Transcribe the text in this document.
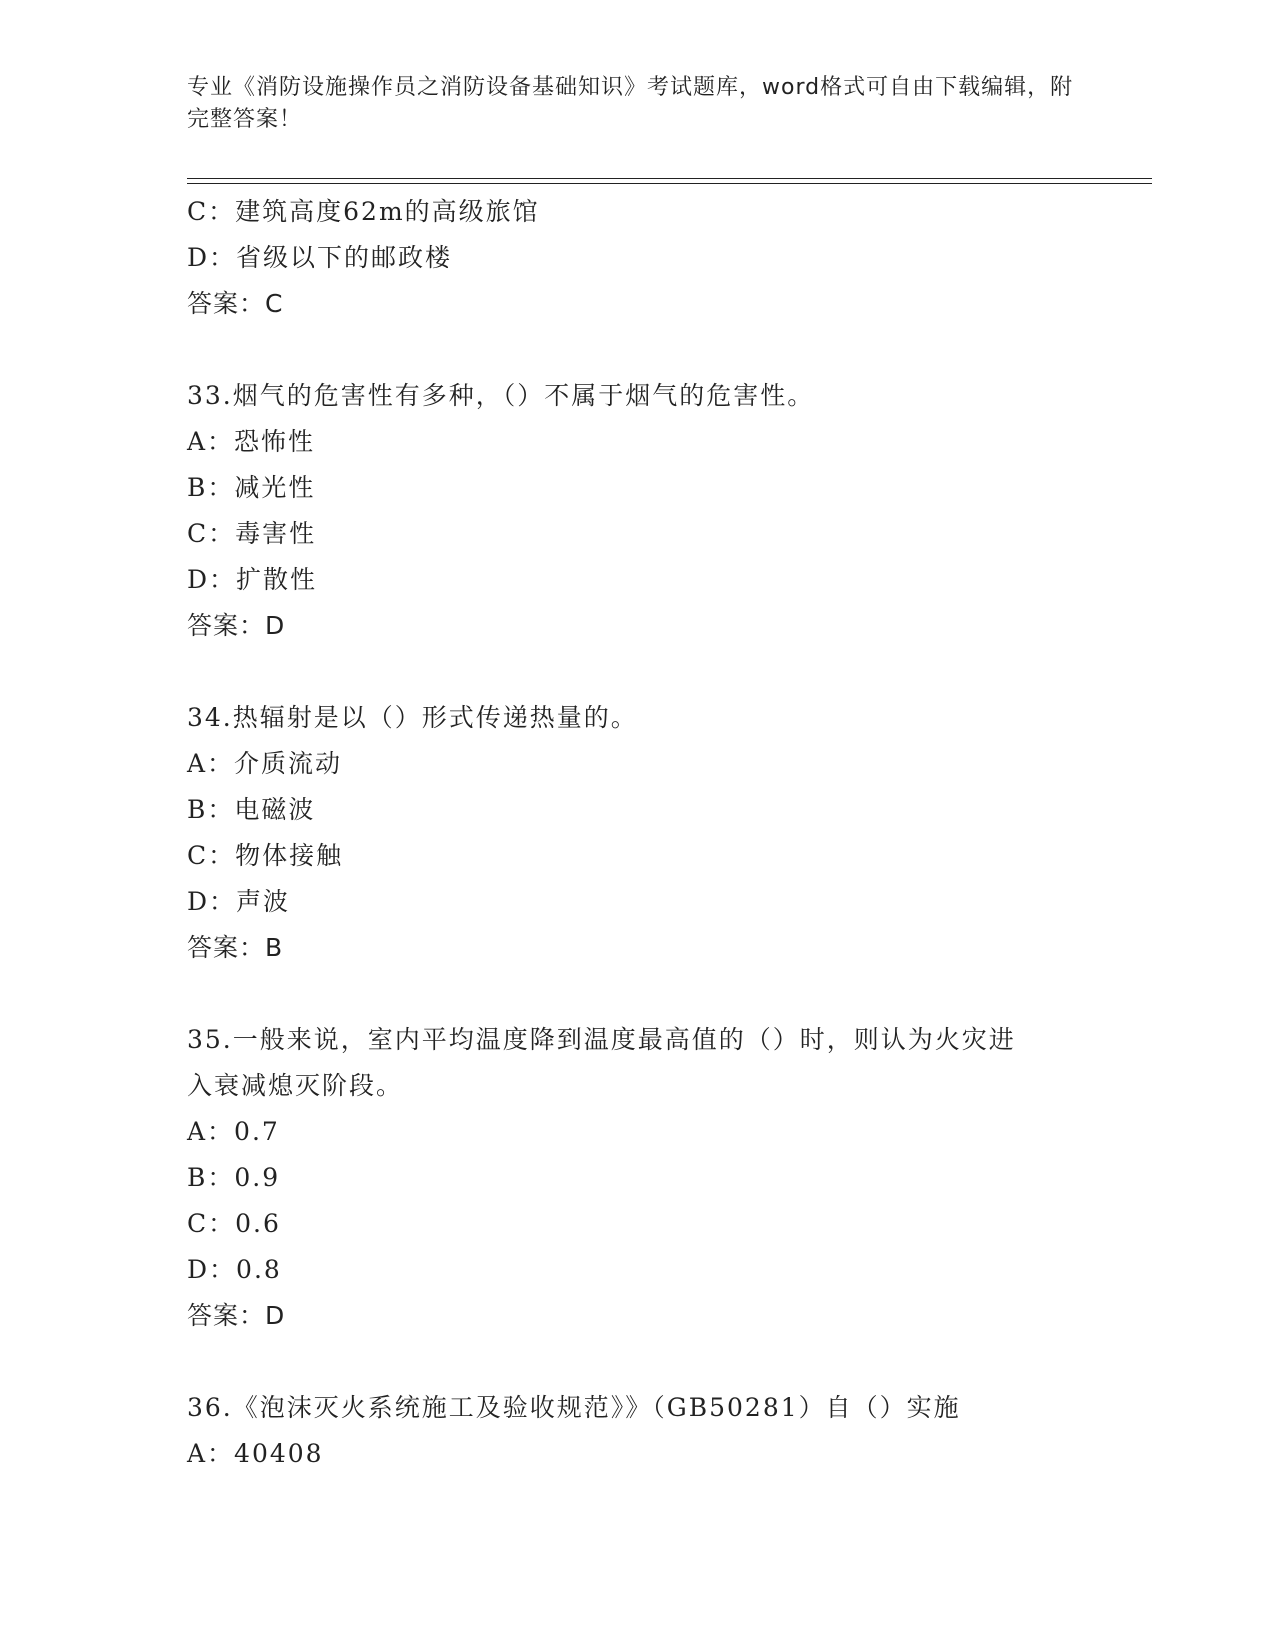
专业《消防设施操作员之消防设备基础知识》考试题库，word格式可自由下载编辑，附完整答案！
C：建筑高度62m的高级旅馆
D：省级以下的邮政楼
答案：C
33.烟气的危害性有多种，（）不属于烟气的危害性。
A：恐怖性
B：减光性
C：毒害性
D：扩散性
答案：D
34.热辐射是以（）形式传递热量的。
A：介质流动
B：电磁波
C：物体接触
D：声波
答案：B
35.一般来说，室内平均温度降到温度最高值的（）时，则认为火灾进
入衰减熄灭阶段。
A：0.7
B：0.9
C：0.6
D：0.8
答案：D
36.《泡沫灭火系统施工及验收规范》》（GB50281）自（）实施
A：40408
